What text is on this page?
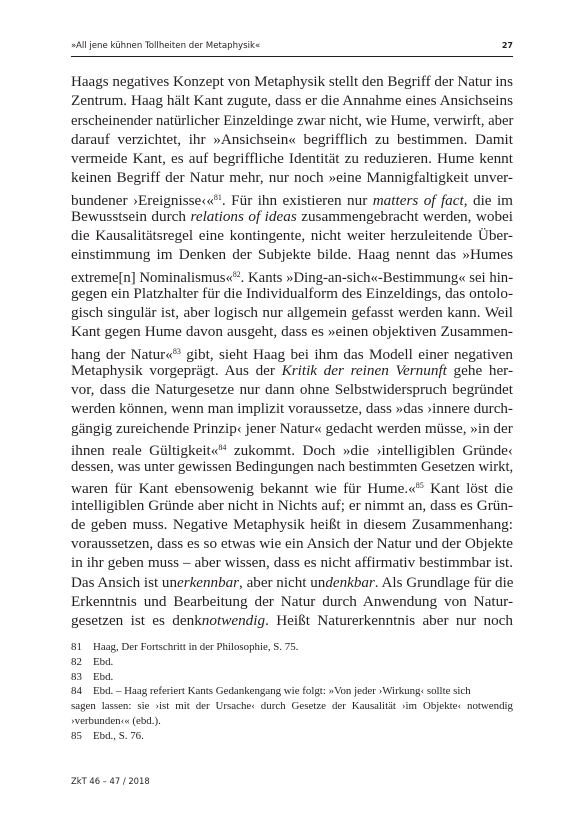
»All jene kühnen Tollheiten der Metaphysik«	27
Haags negatives Konzept von Metaphysik stellt den Begriff der Natur ins
Zentrum. Haag hält Kant zugute, dass er die Annahme eines Ansichseins
erscheinender natürlicher Einzeldinge zwar nicht, wie Hume, verwirft, aber
darauf verzichtet, ihr »Ansichsein« begrifflich zu bestimmen. Damit
vermeide Kant, es auf begriffliche Identität zu reduzieren. Hume kennt
keinen Begriff der Natur mehr, nur noch »eine Mannigfaltigkeit unver-
bundener ›Ereignisse‹«$^{81}$. Für ihn existieren nur matters of fact, die im
Bewusstsein durch relations of ideas zusammengebracht werden, wobei
die Kausalitätsregel eine kontingente, nicht weiter herzuleitende Über-
einstimmung im Denken der Subjekte bilde. Haag nennt das »Humes
extreme[n] Nominalismus«$^{82}$. Kants »Ding-an-sich«-Bestimmung« sei hin-
gegen ein Platzhalter für die Individualform des Einzeldings, das ontolo-
gisch singulär ist, aber logisch nur allgemein gefasst werden kann. Weil
Kant gegen Hume davon ausgeht, dass es »einen objektiven Zusammen-
hang der Natur«$^{83}$ gibt, sieht Haag bei ihm das Modell einer negativen
Metaphysik vorgeprägt. Aus der Kritik der reinen Vernunft gehe her-
vor, dass die Naturgesetze nur dann ohne Selbstwiderspruch begründet
werden können, wenn man implizit voraussetze, dass »das ›innere durch-
gängig zureichende Prinzip‹ jener Natur« gedacht werden müsse, »in der
ihnen reale Gültigkeit«$^{84}$ zukommt. Doch »die ›intelligiblen Gründe‹
dessen, was unter gewissen Bedingungen nach bestimmten Gesetzen wirkt,
waren für Kant ebensowenig bekannt wie für Hume.«$^{85}$ Kant löst die
intelligiblen Gründe aber nicht in Nichts auf; er nimmt an, dass es Grün-
de geben muss. Negative Metaphysik heißt in diesem Zusammenhang:
voraussetzen, dass es so etwas wie ein Ansich der Natur und der Objekte
in ihr geben muss – aber wissen, dass es nicht affirmativ bestimmbar ist.
Das Ansich ist unerkennbar, aber nicht undenkbar. Als Grundlage für die
Erkenntnis und Bearbeitung der Natur durch Anwendung von Natur-
gesetzen ist es denknotwendig. Heißt Naturerkenntnis aber nur noch
81 Haag, Der Fortschritt in der Philosophie, S. 75.
82 Ebd.
83 Ebd.
84 Ebd. – Haag referiert Kants Gedankengang wie folgt: »Von jeder ›Wirkung‹ sollte sich
sagen lassen: sie ›ist mit der Ursache‹ durch Gesetze der Kausalität ›im Objekte‹ notwendig
›verbunden‹« (ebd.).
85 Ebd., S. 76.
ZkT 46 – 47 / 2018
